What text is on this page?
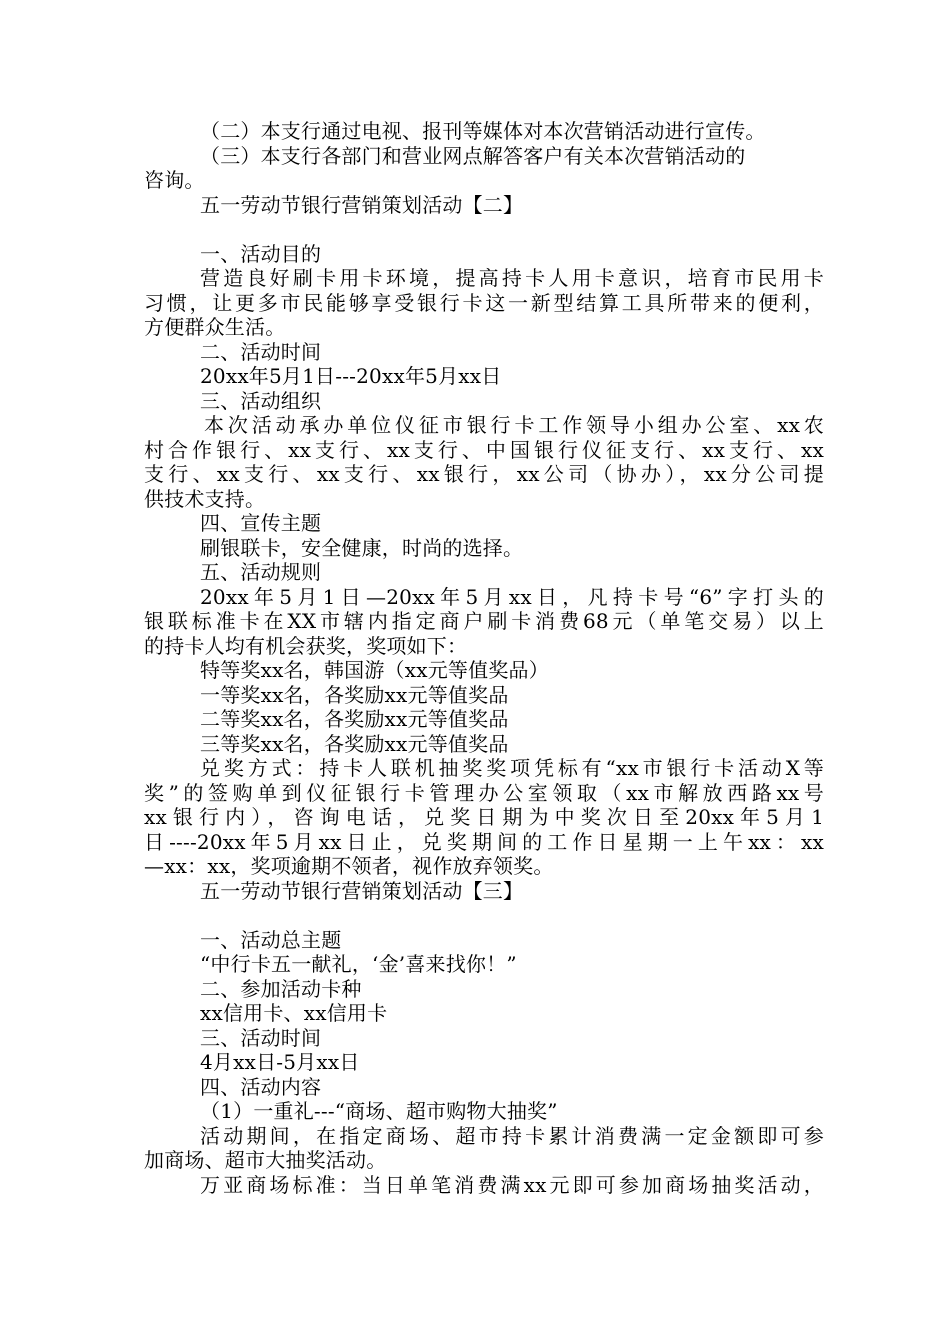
（二）本支行通过电视、报刊等媒体对本次营销活动进行宣传。
（三）本支行各部门和营业网点解答客户有关本次营销活动的
咨询。
五一劳动节银行营销策划活动【二】
一、活动目的
营造良好刷卡用卡环境，提高持卡人用卡意识，培育市民用卡
习惯，让更多市民能够享受银行卡这一新型结算工具所带来的便利，
方便群众生活。
二、活动时间
20xx年5月1日---20xx年5月xx日
三、活动组织
本次活动承办单位仪征市银行卡工作领导小组办公室、xx农
村合作银行、xx支行、xx支行、中国银行仪征支行、xx支行、xx
支行、xx支行、xx支行、xx银行，xx公司（协办），xx分公司提
供技术支持。
四、宣传主题
刷银联卡，安全健康，时尚的选择。
五、活动规则
20xx年5月1日—20xx年5月xx日，凡持卡号“6”字打头的
银联标准卡在XX市辖内指定商户刷卡消费68元（单笔交易）以上
的持卡人均有机会获奖，奖项如下：
特等奖xx名，韩国游（xx元等值奖品）
一等奖xx名，各奖励xx元等值奖品
二等奖xx名，各奖励xx元等值奖品
三等奖xx名，各奖励xx元等值奖品
兑奖方式：持卡人联机抽奖奖项凭标有“xx市银行卡活动X等
奖”的签购单到仪征银行卡管理办公室领取（xx市解放西路xx号
xx银行内），咨询电话，兑奖日期为中奖次日至20xx年5月1
日----20xx年5月xx日止，兑奖期间的工作日星期一上午xx：xx
—xx：xx，奖项逾期不领者，视作放弃领奖。
五一劳动节银行营销策划活动【三】
一、活动总主题
“中行卡五一献礼，‘金’喜来找你！”
二、参加活动卡种
xx信用卡、xx信用卡
三、活动时间
4月xx日-5月xx日
四、活动内容
（1）一重礼---“商场、超市购物大抽奖”
活动期间，在指定商场、超市持卡累计消费满一定金额即可参
加商场、超市大抽奖活动。
万亚商场标准：当日单笔消费满xx元即可参加商场抽奖活动，
